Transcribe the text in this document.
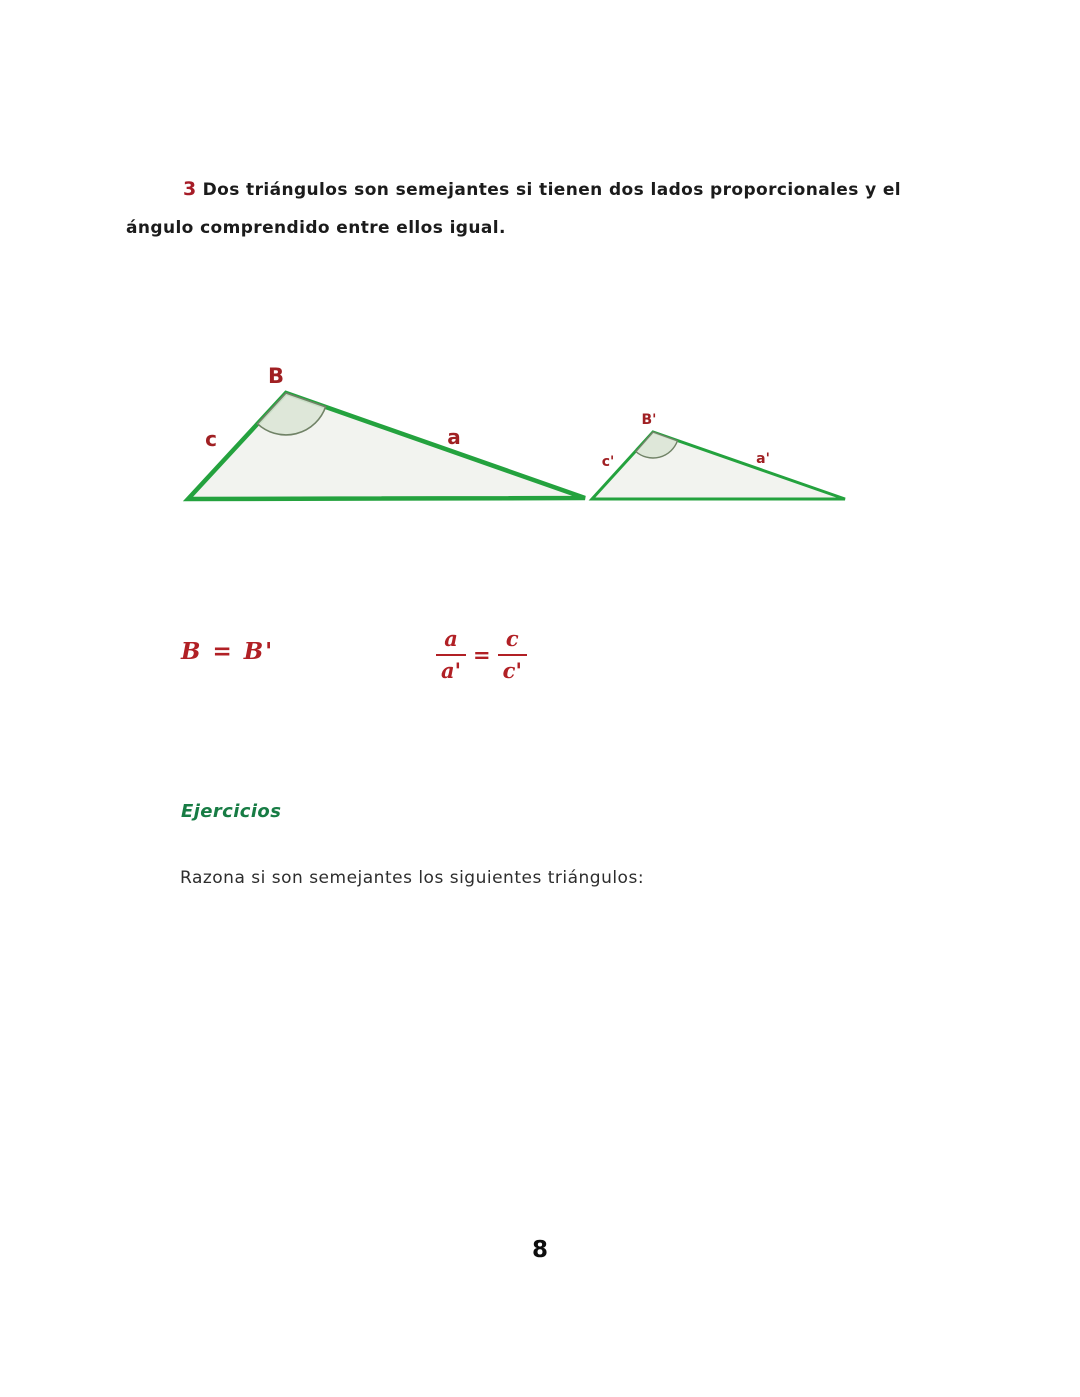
3 Dos triángulos son semejantes si tienen dos lados proporcionales y el
ángulo comprendido entre ellos igual.
B
c	a
B'
c'	a'
B = B'	$\frac{a}{a'} = \frac{c}{c'}$
Ejercicios
Razona si son semejantes los siguientes triángulos:
8
